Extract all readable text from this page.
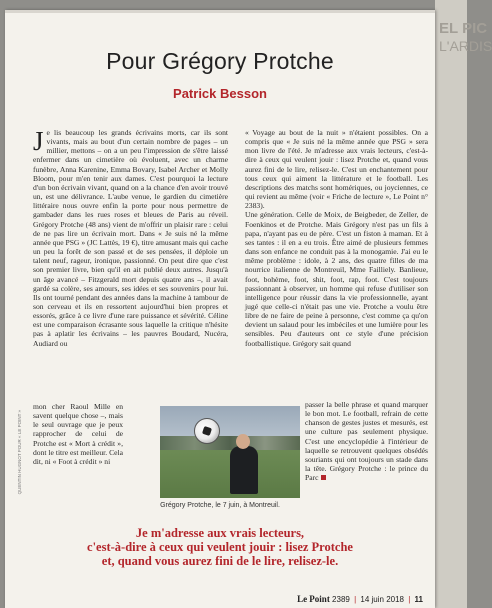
EL PIC
L'ARDIS
Pour Grégory Protche
Patrick Besson
Je lis beaucoup les grands écrivains morts, car ils sont vivants, mais au bout d'un certain nombre de pages – un millier, mettons – on a un peu l'impression de s'être laissé enfermer dans un cimetière où évoluent, avec un charme funèbre, Anna Karenine, Emma Bovary, Isabel Archer et Molly Bloom, pour m'en tenir aux dames. C'est pourquoi la lecture d'un bon écrivain vivant, quand on a la chance d'en avoir trouvé un, est une délivrance. L'aube venue, le gardien du cimetière littéraire nous ouvre enfin la porte pour nous permettre de gambader dans les rues roses et bleues de Paris au réveil. Grégory Protche (48 ans) vient de m'offrir un plaisir rare : celui de ne pas lire un écrivain mort. Dans « Je suis né la même année que PSG » (JC Lattès, 19 €), titre amusant mais qui cache un peu la forêt de son passé et de ses pensées, il déploie un talent neuf, rageur, ironique, passionné. On peut dire que c'est son premier livre, bien qu'il en ait publié deux autres. Jusqu'à un âge avancé – Fitzgerald mort depuis quatre ans –, il avait gardé sa colère, ses amours, ses idées et ses souvenirs pour lui. Ils ont tourné pendant des années dans la machine à tambour de son cerveau et ils en ressortent aujourd'hui bien propres et essorés, grâce à ce livre d'une rare puissance et sévérité. Céline est une comparaison écrasante sous laquelle la critique n'hésite pas à aplatir les écrivains – les pauvres Boudard, Nucéra, Audiard ou

« Voyage au bout de la nuit » n'étaient possibles. On a compris que « Je suis né la même année que PSG » sera mon livre de l'été. Je m'adresse aux vrais lecteurs, c'est-à-dire à ceux qui veulent jouir : lisez Protche et, quand vous aurez fini de le lire, relisez-le. C'est un enchantement pour tous ceux qui aiment la littérature et le football. Les descriptions des matchs sont homériques, ou joyciennes, ce qui revient au même (voir « Friche de lecture », Le Point n° 2383).

Une génération. Celle de Moix, de Beigbeder, de Zeller, de Foenkinos et de Protche. Mais Grégory n'est pas un fils à papa, n'ayant pas eu de père. C'est un fiston à maman. Et à ses tantes : il en a eu trois. Être aimé de plusieurs femmes dans son enfance ne conduit pas à la monogamie. J'ai eu le même problème : idole, à 2 ans, des quatre filles de ma nourrice italienne de Montreuil, Mme Failliely. Banlieue, foot, bohème, foot, shit, foot, rap, foot. C'est toujours passionnant à observer, un homme qui refuse d'utiliser son intelligence pour réussir dans la vie professionnelle, ayant jugé que celle-ci n'était pas une vie. Protche a voulu être libre de ne faire de peine à personne, c'est comme ça qu'on devient un salaud pour les imbéciles et une lumière pour les sensibles. Peu d'auteurs ont ce style d'une précision footballistique. Grégory sait quand

QUENTIN HUGNOT POUR « LE POINT »
mon cher Raoul Mille en savent quelque chose –, mais le seul ouvrage que je peux rapprocher de celui de Protche est « Mort à crédit », dont le titre est meilleur. Cela dit, ni « Foot à crédit » ni
passer la belle phrase et quand marquer le bon mot. Le football, refrain de cette chanson de gestes justes et mesurés, est une culture pas seulement physique. C'est une encyclopédie à l'intérieur de laquelle se retrouvent quelques obsédés souriants qui ont toujours un stade dans la tête. Grégory Protche : le prince du Parc
Grégory Protche, le 7 juin, à Montreuil.
Je m'adresse aux vrais lecteurs,
c'est-à-dire à ceux qui veulent jouir : lisez Protche
et, quand vous aurez fini de le lire, relisez-le.
Le Point 2389 | 14 juin 2018 | 11
